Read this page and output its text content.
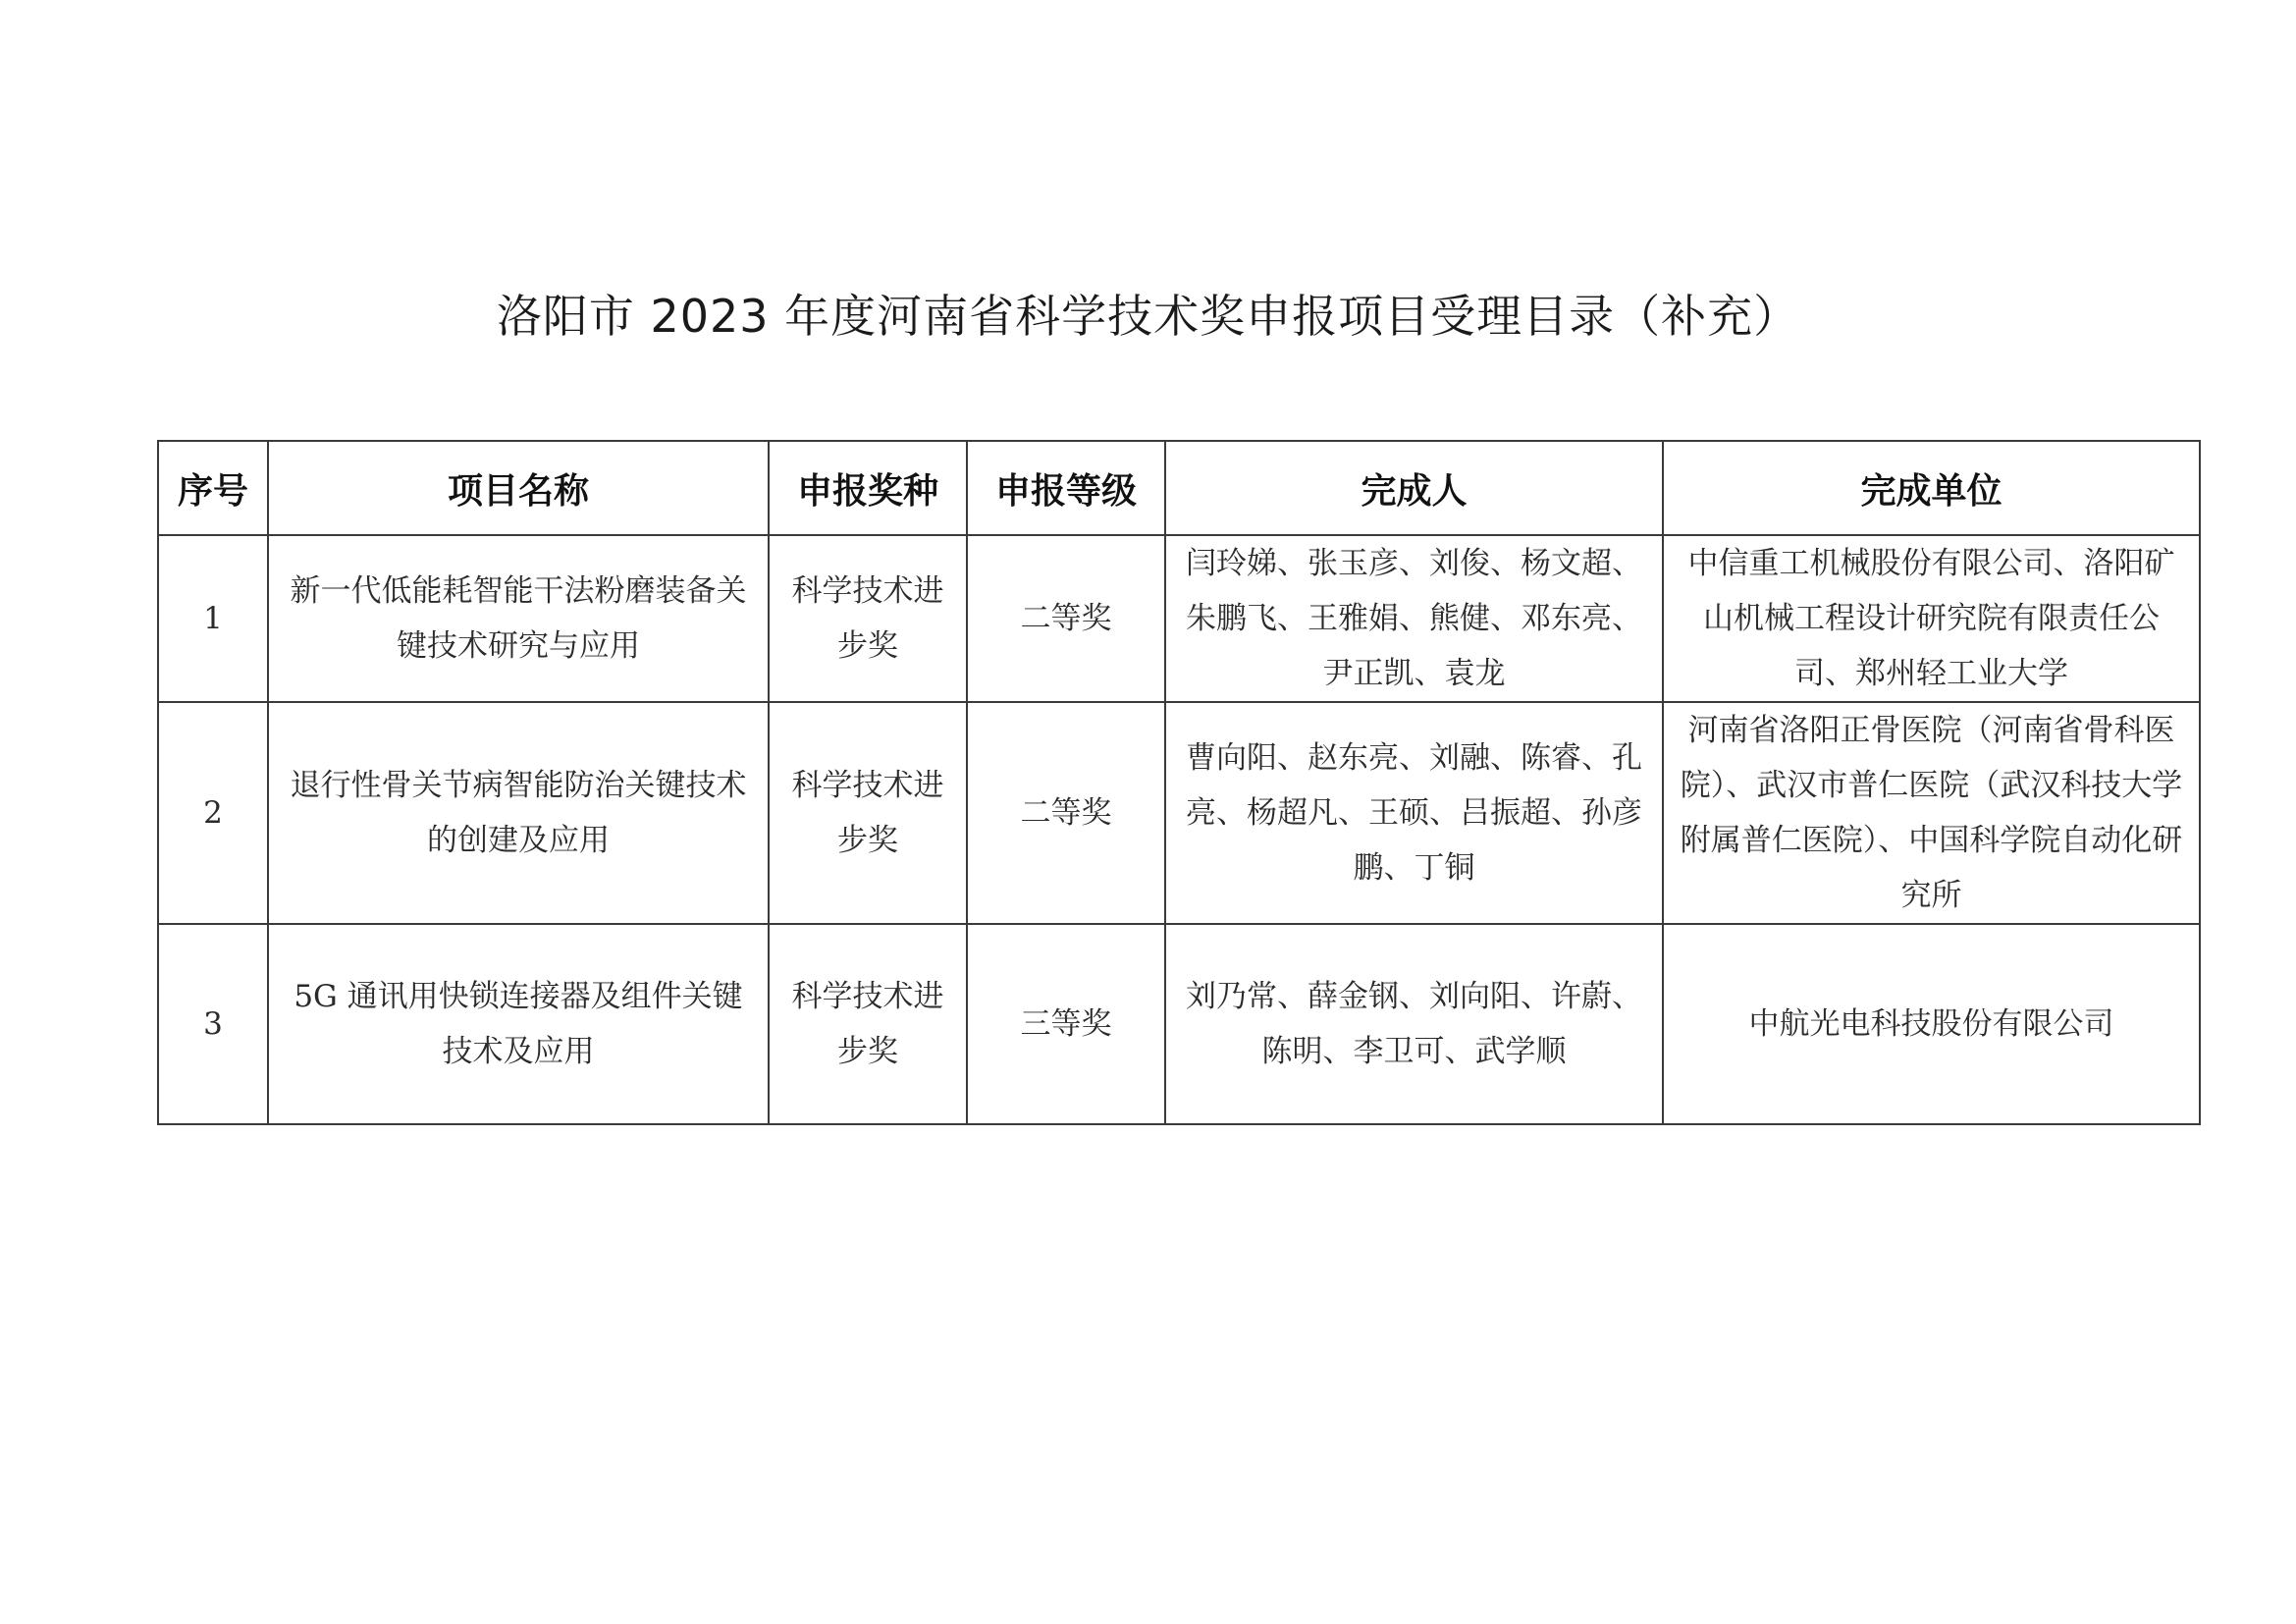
洛阳市 2023 年度河南省科学技术奖申报项目受理目录（补充）
序号	项目名称	申报奖种	申报等级	完成人	完成单位
1	新一代低能耗智能干法粉磨装备关键技术研究与应用	科学技术进步奖	二等奖	闫玲娣、张玉彦、刘俊、杨文超、朱鹏飞、王雅娟、熊健、邓东亮、尹正凯、袁龙	中信重工机械股份有限公司、洛阳矿山机械工程设计研究院有限责任公司、郑州轻工业大学
2	退行性骨关节病智能防治关键技术的创建及应用	科学技术进步奖	二等奖	曹向阳、赵东亮、刘融、陈睿、孔亮、杨超凡、王硕、吕振超、孙彦鹏、丁铜	河南省洛阳正骨医院（河南省骨科医院）、武汉市普仁医院（武汉科技大学附属普仁医院）、中国科学院自动化研究所
3	5G 通讯用快锁连接器及组件关键技术及应用	科学技术进步奖	三等奖	刘乃常、薛金钢、刘向阳、许蔚、陈明、李卫可、武学顺	中航光电科技股份有限公司
